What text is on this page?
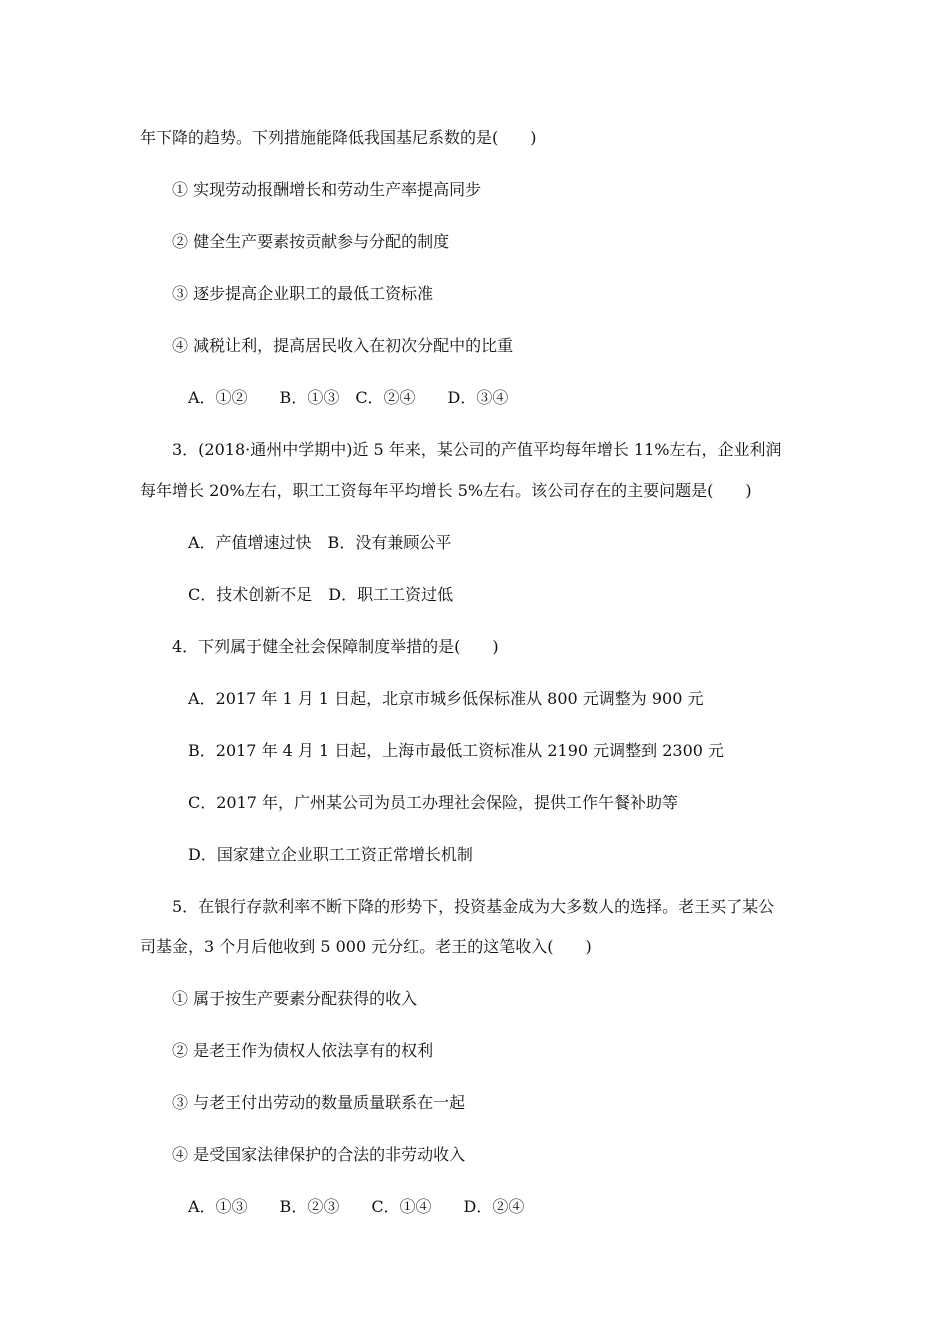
年下降的趋势。下列措施能降低我国基尼系数的是(　　)
① 实现劳动报酬增长和劳动生产率提高同步
② 健全生产要素按贡献参与分配的制度
③ 逐步提高企业职工的最低工资标准
④ 减税让利，提高居民收入在初次分配中的比重
A．①②　　B．①③　C．②④　　D．③④
3．(2018·通州中学期中)近 5 年来，某公司的产值平均每年增长 11%左右，企业利润
每年增长 20%左右，职工工资每年平均增长 5%左右。该公司存在的主要问题是(　　)
A．产值增速过快　B．没有兼顾公平
C．技术创新不足　D．职工工资过低
4．下列属于健全社会保障制度举措的是(　　)
A．2017 年 1 月 1 日起，北京市城乡低保标准从 800 元调整为 900 元
B．2017 年 4 月 1 日起，上海市最低工资标准从 2190 元调整到 2300 元
C．2017 年，广州某公司为员工办理社会保险，提供工作午餐补助等
D．国家建立企业职工工资正常增长机制
5．在银行存款利率不断下降的形势下，投资基金成为大多数人的选择。老王买了某公
司基金，3 个月后他收到 5 000 元分红。老王的这笔收入(　　)
① 属于按生产要素分配获得的收入
② 是老王作为债权人依法享有的权利
③ 与老王付出劳动的数量质量联系在一起
④ 是受国家法律保护的合法的非劳动收入
A．①③　　B．②③　　C．①④　　D．②④
